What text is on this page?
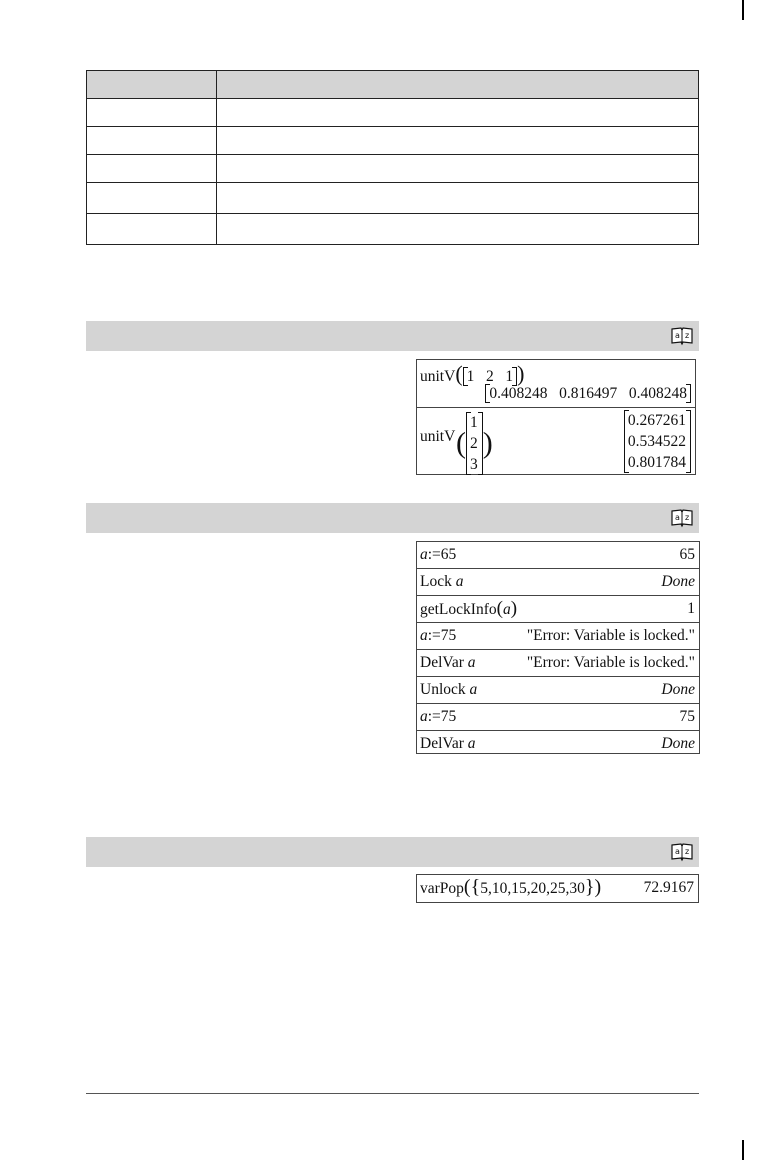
a z
unitV( 1 2 1 )
0.408248 0.816497 0.408248
unitV (
1
2
3
)
0.267261
0.534522
0.801784
a z
a:=65	65
Lock a	Done
getLockInfo(a)	1
a:=75	"Error: Variable is locked."
DelVar a	"Error: Variable is locked."
Unlock a	Done
a:=75	75
DelVar a	Done
a z
varPop({5,10,15,20,25,30})	72.9167
